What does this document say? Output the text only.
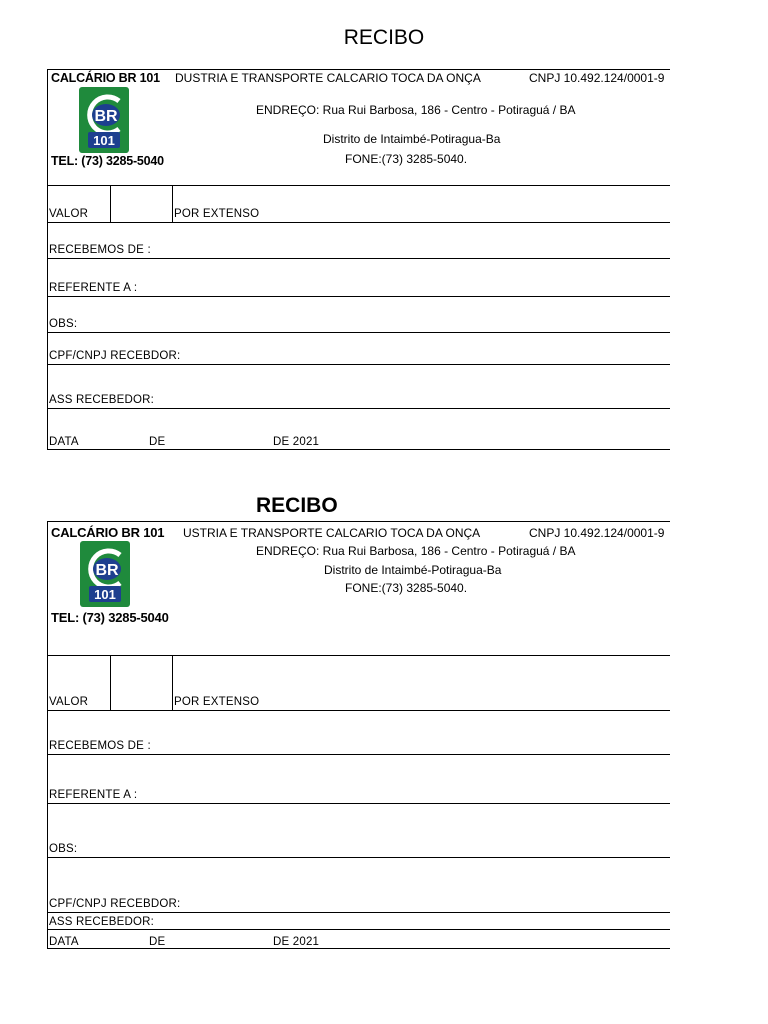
RECIBO
CALCÁRIO BR 101
BR
101
TEL: (73) 3285-5040
DUSTRIA E TRANSPORTE CALCARIO TOCA DA ONÇA	CNPJ 10.492.124/0001-9
ENDREÇO: Rua Rui Barbosa, 186 - Centro - Potiraguá / BA
Distrito de Intaimbé-Potiragua-Ba
FONE:(73) 3285-5040.
VALOR	POR EXTENSO
RECEBEMOS DE :
REFERENTE A :
OBS:
CPF/CNPJ RECEBDOR:
ASS RECEBEDOR:
DATA	DE	DE 2021
RECIBO
CALCÁRIO BR 101
BR
101
TEL: (73) 3285-5040
USTRIA E TRANSPORTE CALCARIO TOCA DA ONÇA	CNPJ 10.492.124/0001-9
ENDREÇO: Rua Rui Barbosa, 186 - Centro - Potiraguá / BA
Distrito de Intaimbé-Potiragua-Ba
FONE:(73) 3285-5040.
VALOR	POR EXTENSO
RECEBEMOS DE :
REFERENTE A :
OBS:
CPF/CNPJ RECEBDOR:
ASS RECEBEDOR:
DATA	DE	DE 2021
